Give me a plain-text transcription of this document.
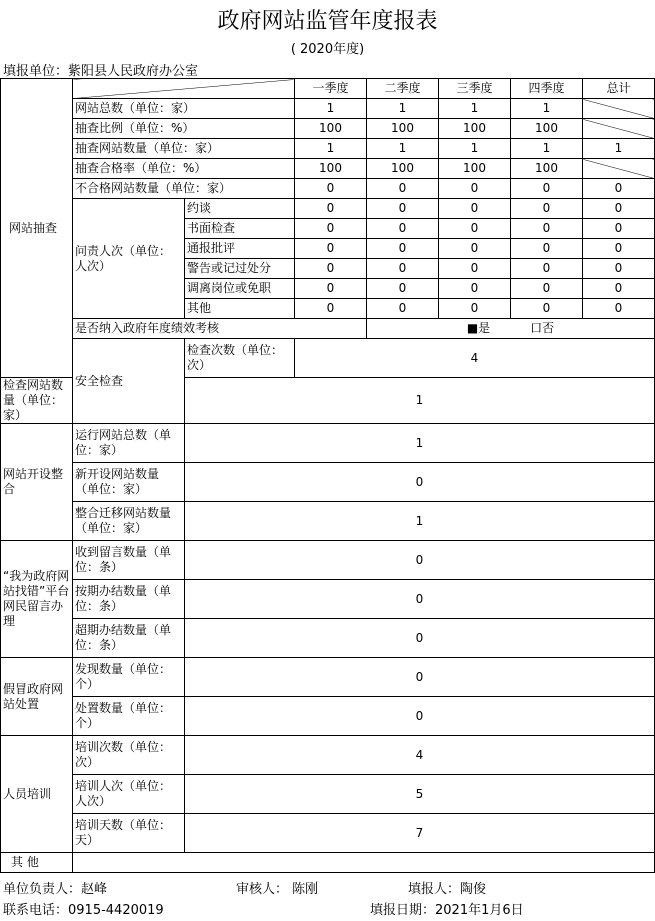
政府网站监管年度报表
( 2020年度)
填报单位：紫阳县人民政府办公室
网站抽查			一季度	二季度	三季度	四季度	总计
	网站总数（单位：家）		1	1	1	1	
	抽查比例（单位：%）		100	100	100	100	
	抽查网站数量（单位：家）		1	1	1	1	1
	抽查合格率（单位：%）		100	100	100	100	
	不合格网站数量（单位：家）		0	0	0	0	0
	问责人次（单位：人次）	约谈	0	0	0	0	0
		书面检查	0	0	0	0	0
		通报批评	0	0	0	0	0
		警告或记过处分	0	0	0	0	0
		调离岗位或免职	0	0	0	0	0
		其他	0	0	0	0	0
	是否纳入政府年度绩效考核			■是 口否			
	安全检查	检查次数（单位：次）	4				
检查网站数量（单位：家）		1					
网站开设整合	运行网站总数（单位：家）	1					
	新开设网站数量（单位：家）	0					
	整合迁移网站数量（单位：家）	1					
“我为政府网站找错”平台网民留言办理	收到留言数量（单位：条）	0					
	按期办结数量（单位：条）	0					
	超期办结数量（单位：条）	0					
假冒政府网站处置	发现数量（单位：个）	0					
	处置数量（单位：个）	0					
人员培训	培训次数（单位：次）	4					
	培训人次（单位：人次）	5					
	培训天数（单位：天）	7					
其 他							
单位负责人：赵峰	审核人： 陈刚	填报人：陶俊
联系电话：0915-4420019	填报日期：2021年1月6日
